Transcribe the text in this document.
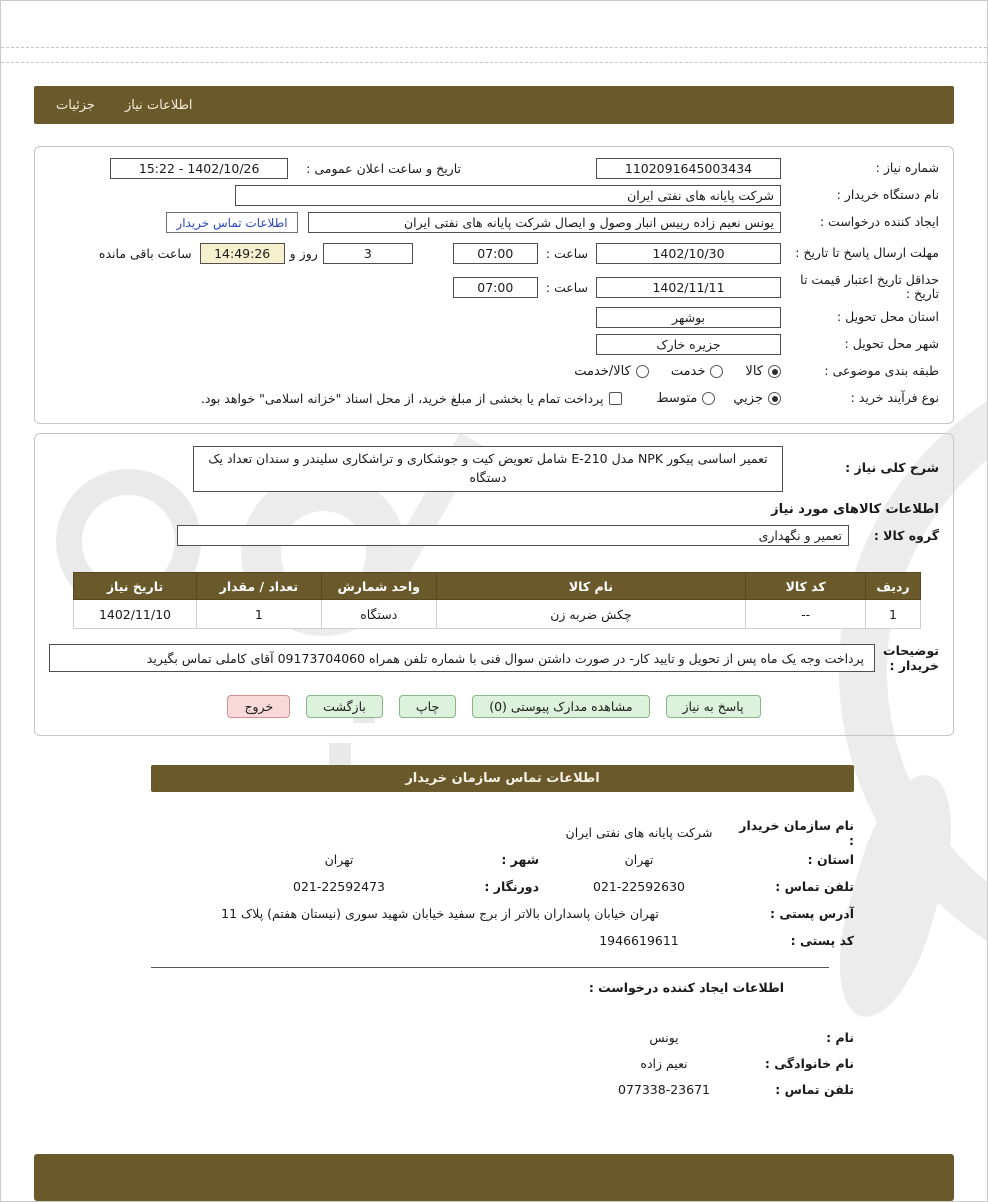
اطلاعات نیاز
جزئیات
شماره نیاز :
1102091645003434
تاریخ و ساعت اعلان عمومی :
1402/10/26 - 15:22
نام دستگاه خریدار :
شرکت پایانه های نفتی ایران
ایجاد کننده درخواست :
یونس نعیم زاده رییس انبار وصول و ایصال شرکت پایانه های نفتی ایران
اطلاعات تماس خریدار
مهلت ارسال پاسخ تا تاریخ :
1402/10/30
ساعت :
07:00
3
روز و
14:49:26
ساعت باقی مانده
حداقل تاریخ اعتبار قیمت تا تاریخ :
1402/11/11
ساعت :
07:00
استان محل تحویل :
بوشهر
شهر محل تحویل :
جزیره خارک
طبقه بندی موضوعی :
کالا
خدمت
کالا/خدمت
نوع فرآیند خرید :
جزيي
متوسط
پرداخت تمام یا بخشی از مبلغ خرید، از محل اسناد "خزانه اسلامی" خواهد بود.
شرح کلی نیاز :
تعمیر اساسی پیکور NPK مدل E-210 شامل تعویض کیت و جوشکاری و تراشکاری سلیندر و سندان تعداد یک دستگاه
اطلاعات کالاهای مورد نیاز
گروه کالا :
تعمیر و نگهداری
ردیف	کد کالا	نام کالا	واحد شمارش	تعداد / مقدار	تاریخ نیاز
1	--	چکش ضربه زن	دستگاه	1	1402/11/10
توضیحات خریدار :
پرداخت وجه یک ماه پس از تحویل و تایید کار- در صورت داشتن سوال فنی با شماره تلفن همراه 09173704060 آقای کاملی تماس بگیرید
پاسخ به نیاز
مشاهده مدارک پیوستی (0)
چاپ
بازگشت
خروج
اطلاعات تماس سازمان خریدار
نام سازمان خریدار :
شرکت پایانه های نفتی ایران
استان :
تهران
شهر :
تهران
تلفن تماس :
021-22592630
دورنگار :
021-22592473
آدرس پستی :
تهران خیابان پاسداران بالاتر از برج سفید خیابان شهید سوری (نیستان هفتم) پلاک 11
کد پستی :
1946619611
اطلاعات ایجاد کننده درخواست :
نام :
یونس
نام خانوادگی :
نعیم زاده
تلفن تماس :
077338-23671
